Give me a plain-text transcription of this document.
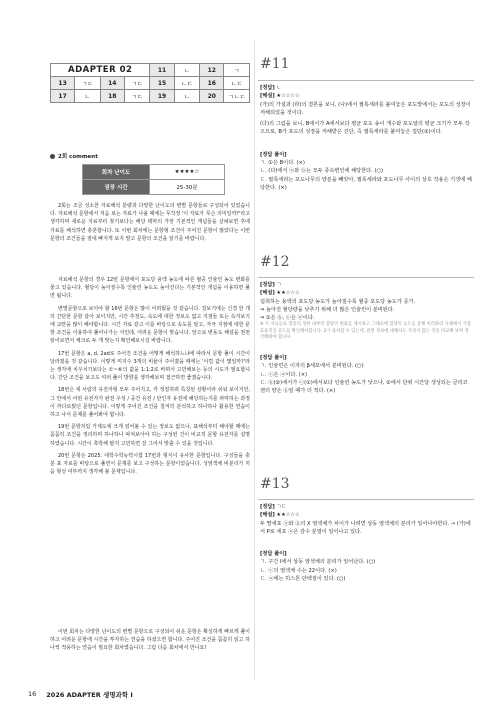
ADAPTER 02				11	ㄴ	12	ㄱ
13	ㄱㄷ	14	ㄱㄷ	15	ㄴㄷ	16	ㄴㄷ
17	ㄴ	18	ㄱㄷ	19	ㄴ	20	ㄱㄴㄷ
2회 comment
회차 난이도	★★★★☆
권장 시간	25-30분

2회는 조금 성소한 자료해석 분량과 다양한 난이도의 변별 문항들로 구성되어 있었습니다. 자료해석 문항에서 처음 보는 자료가 나올 때에는 무작정 '이 자료가 무슨 의미일까?'라고 생각하며 새로운 자료부터 찾기보다는 해당 테마의 가장 기본적인 개념들을 살펴보면 후에 자료를 해석하면 충분합니다. 또 이번 회차에는 문항형 조건이 주어진 문항이 많았다는 이번 문항의 조건들을 절대 빠지게 보지 말고 문항의 조건을 읽기를 바랍니다.

자료해석 문항의 경우 12번 문항에서 포도당 용액 농도에 따른 혈중 인슐린 농도 변화를 물고 있습니다. 혈당이 높아질수록 인슐린 농도도 높아진다는 기본적인 개념을 이용하면 풀면 됩니다.

변별문항으로 보아야 할 16번 문항은 많이 어려웠을 것 같습니다. 걸보기에는 신경 한 개의 간단한 문항 같아 보이지만, 시간 추정도, 속도에 대한 정보도 없고 지점들 또는 속겨보기에 교란을 많이 해야합니다. 시간 자료 같고 이를 바탕으로 속도를 알고, 자극 지점에 대한 문항 조건을 이용하여 풀어나가는 식인데, 어려운 문항이 맞습니다. 앞으로 변동도 해설을 천천 읽어보면서 체크로 두 개 맞는지 확인해보시길 바랍니다.

17번 문항은 a, d, 2ad로 주어진 조건을 어떻게 해석하느냐에 따라서 문항 풀이 시간이 달라졌을 것 같습니다. 이렇게 미지수 3개의 비율이 주어졌을 때에는 '이럴 값이 몇일까?'라는 생각에 치우치기보다는 ①~⑥의 값을 1:1:2로 바꿔서 고민해보는 등의 시도가 필요합니다. 간단 조건을 보고도 여러 풀이 방향을 생각해보며 접근하면 좋겠습니다.

18번은 세 사람의 유전자형 모두 주어지고, 각 정질하려 특칭된 상황이라 쉬워 보이지만, 그 안에서 어떤 유전자가 완전 우성 / 중간 유전 / 단인자 유전에 해당하는지를 파악하는 과정이 까다로웠던 문항입니다. 이렇게 주어진 조건을 철저히 분석하고 하나하나 활용한 연습이 하고 나서 문제를 풀어봐야 합니다.

19번 문항처럼 가계도에 크게 얽어볼 수 있는 정보도 없으나, 표해석부터 해야할 때에는 꼼꼼히 조건을 정리하며 하나하나 따져보아야 하는 구성된 건이 비교적 문항 유전자를 설명하였습니다. 시간이 촉박해 탈지 고민하면 잘 그어서 맞출 수 있을 것입니다.

20번 문항은 2025. 대학수학능력시험 17번과 형식이 유사한 문항입니다. 구성들을 충분 표 자료를 바탕으로 풀면서 문제를 보고 구성하는 문항이었습니다. 성염색체 비분리가 처음 형성 여부까지 생각해 볼 문제입니다.

이번 회차는 다양한 난이도의 변별 문항으로 구성되어 쉬운 문항은 확실하게 빠르게 풀이하고 어려운 문항에 시간을 투자하는 연습을 하셨으면 합니다. 주어진 조건을 꼼꼼히 읽고 하나씩 적용하는 연습이 필요한 회차였습니다. 그럼 다음 회차에서 만나요!

16 2026 ADAPTER 생명과학 I
#11
[정답] ㄴ
[해설] ★☆☆☆☆
(가)의 가설과 (라)의 결론을 보니, (나)에서 필록세라를 붙여놓은 포도밭에서는 포도의 성장이 저해되었을 것이다.
(다)의 그림을 보니, B에서가 A에서보다 평균 포도 송이 개수와 포도알의 평균 크기가 모두 작으므로, B가 포도의 성장을 저해받은 진단, 즉 필록세라를 붙여놓은 집단(①)이다.
[정답 풀이]
ㄱ. ①은 B이다. (×)
ㄴ. (다)에서 ⓐ와 ⓑ는 모두 종속변인에 해당한다. (○)
ㄷ. 필록세라는 포도나무의 양분을 빼앗아, 필록세라와 포도나무 사이의 상호 작용은 기생에 해당한다. (×)
#12
[정답] ㄱ
[해설] ★★☆☆☆
섭취하는 용액의 포도당 농도가 높아질수록 혈중 포도당 농도가 증가.
⇒ 높아진 혈당량을 낮추기 위해 더 많은 인슐린이 분비된다.
⇒ ①은 ⓑ, ⓒ은 ⓐ이다.
※ 두 자료들로 혈중의 정한 내부의 혈당의 변화를 제시하고 그래프에 혈당의 농도를 통해 처리하려 사례에서 가장 효율적인 분도를 확인해야합니다. 2가 출처할 수 있는데, 관련 정보에 대해서도 가리지 않는 것을 비교해 보며 생각해봐야 합니다.
[정답 풀이]
ㄱ. 인슐린은 이자의 β세포에서 분비된다. (○)
ㄴ. ⓒ은 ⓐ이다. (×)
ㄷ. ⓑ(②)에서가 ⓒ(①)에서보다 인슐린 농도가 낮으나, ②에서 단위 시간당 생성되는 글리코젠의 양은 ⓑ일 때가 더 적다. (×)
#13
[정답] ㄱㄷ
[해설] ★★☆☆☆
두 딸세포 ⓐ와 ⓑ의 X 염색체가 차이가 나려면 상동 염색체의 분리가 일어나야한다. → (가)에서 P로 세포 ⓐ은 감수 분열이 일어나고 있다.
[정답 풀이]
ㄱ. 구간 Ⅰ에서 상동 염색체의 분리가 일어난다. (○)
ㄴ. ⓒ의 염색체 수는 22이다. (×)
ㄷ. ⓐ에는 히스톤 단백질이 있다. (○)
